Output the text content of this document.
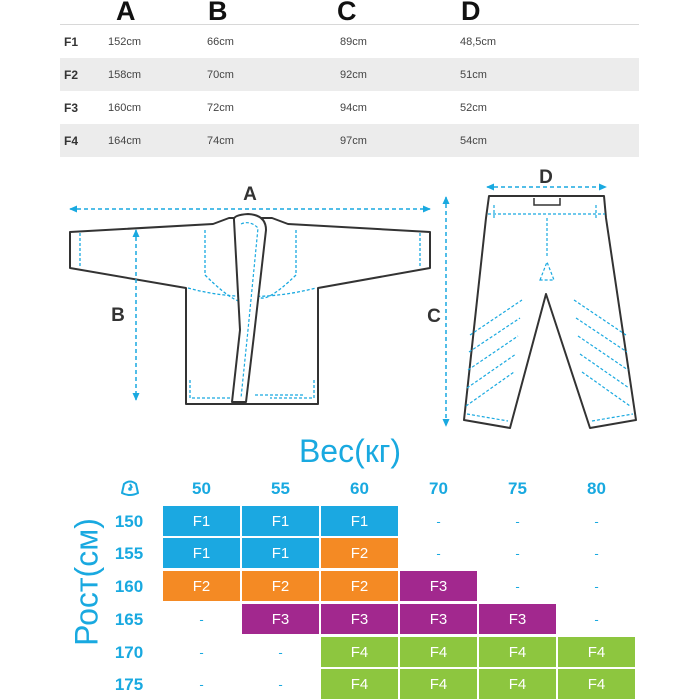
A	B	C	D
F1	152cm	66cm	89cm	48,5cm
F2	158cm	70cm	92cm	51cm
F3	160cm	72cm	94cm	52cm
F4	164cm	74cm	97cm	54cm
A
B	C
D
Вес(кг)
Рост(см)
50	55	60	70	75	80
150	F1	F1	F1	-	-	-
155	F1	F1	F2	-	-	-
160	F2	F2	F2	F3	-	-
165	-	F3	F3	F3	F3	-
170	-	-	F4	F4	F4	F4
175	-	-	F4	F4	F4	F4
